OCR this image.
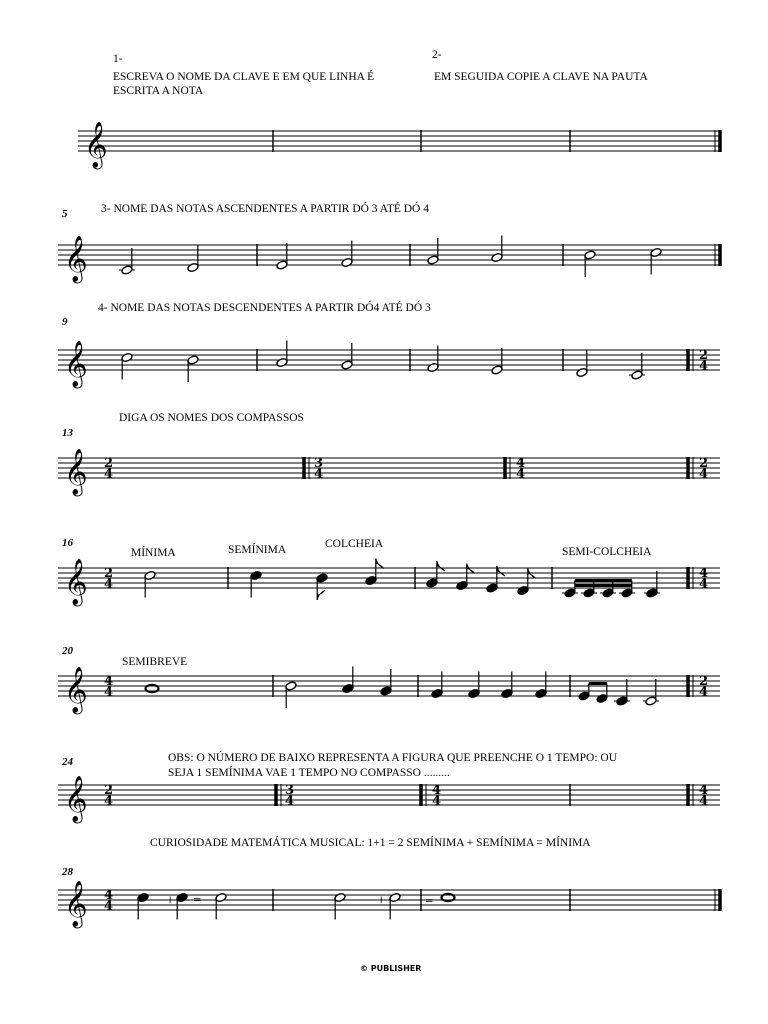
1-
ESCREVA O NOME DA CLAVE E EM QUE LINHA É
ESCRITA A NOTA
2-
EM SEGUIDA COPIE A CLAVE NA PAUTA
3- NOME DAS NOTAS ASCENDENTES A PARTIR DÓ 3 ATÉ DÓ 4
4- NOME DAS NOTAS DESCENDENTES A PARTIR DÓ4 ATÉ DÓ 3
DIGA OS NOMES DOS COMPASSOS
OBS: O NÚMERO DE BAIXO REPRESENTA A FIGURA QUE PREENCHE O 1 TEMPO: OU
SEJA 1 SEMÍNIMA VAE 1 TEMPO NO COMPASSO .........
CURIOSIDADE MATEMÁTICA MUSICAL: 1+1 = 2 SEMÍNIMA + SEMÍNIMA = MÍNIMA
MÍNIMA	SEMÍNIMA	COLCHEIA
SEMI-COLCHEIA
SEMIBREVE
5
9
13
16
20
24
28
© PUBLISHER
𝄞
𝄞
𝄞	2
4
𝄞 2
4
3
4
4
4
2
4
𝄞 2
4
4
4
𝄞 4
4
2
4
𝄞 2
4
3
4
4
4
4
4
𝄞 4
4	+ =	+	=
